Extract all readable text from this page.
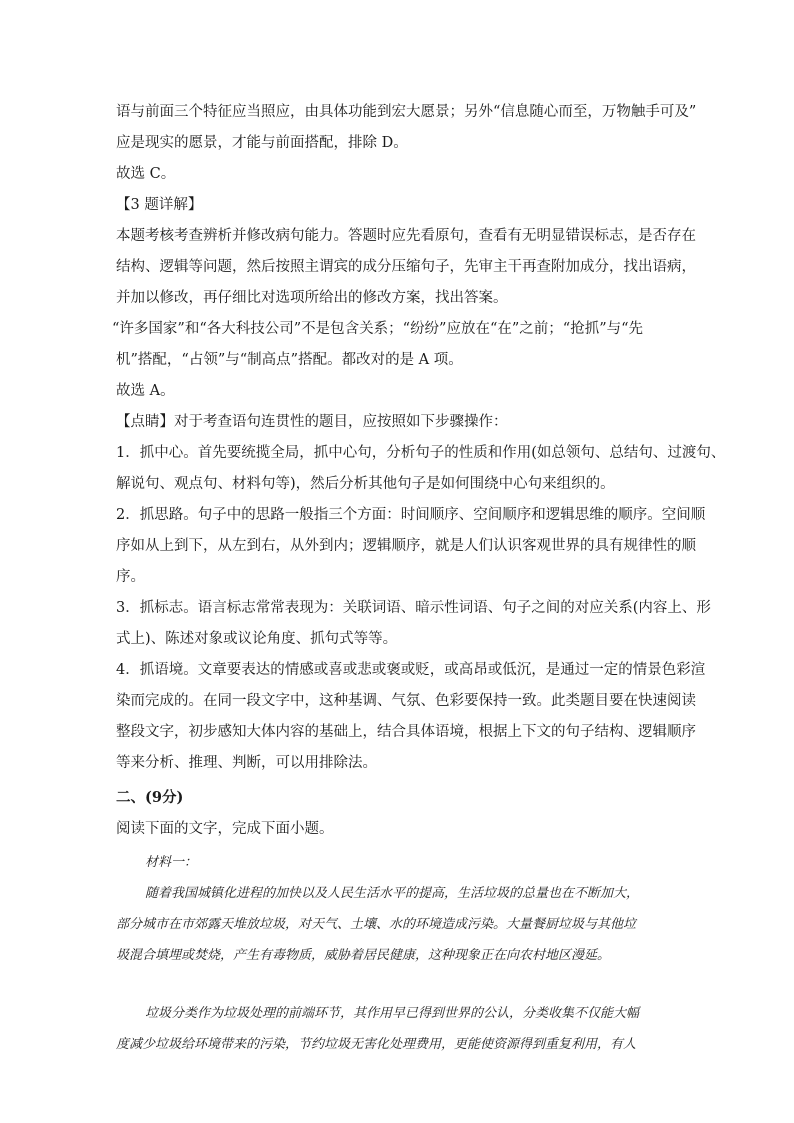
语与前面三个特征应当照应，由具体功能到宏大愿景；另外“信息随心而至，万物触手可及”
应是现实的愿景，才能与前面搭配，排除 D。
故选 C。
【3 题详解】
本题考核考查辨析并修改病句能力。答题时应先看原句，查看有无明显错误标志，是否存在
结构、逻辑等问题，然后按照主谓宾的成分压缩句子，先审主干再查附加成分，找出语病，
并加以修改，再仔细比对选项所给出的修改方案，找出答案。
“许多国家”和“各大科技公司”不是包含关系；“纷纷”应放在“在”之前；“抢抓”与“先
机”搭配，“占领”与“制高点”搭配。都改对的是 A 项。
故选 A。
【点睛】对于考查语句连贯性的题目，应按照如下步骤操作：
1．抓中心。首先要统揽全局，抓中心句，分析句子的性质和作用(如总领句、总结句、过渡句、
解说句、观点句、材料句等)，然后分析其他句子是如何围绕中心句来组织的。
2．抓思路。句子中的思路一般指三个方面：时间顺序、空间顺序和逻辑思维的顺序。空间顺
序如从上到下，从左到右，从外到内；逻辑顺序，就是人们认识客观世界的具有规律性的顺
序。
3．抓标志。语言标志常常表现为：关联词语、暗示性词语、句子之间的对应关系(内容上、形
式上)、陈述对象或议论角度、抓句式等等。
4．抓语境。文章要表达的情感或喜或悲或褒或贬，或高昂或低沉，是通过一定的情景色彩渲
染而完成的。在同一段文字中，这种基调、气氛、色彩要保持一致。此类题目要在快速阅读
整段文字，初步感知大体内容的基础上，结合具体语境，根据上下文的句子结构、逻辑顺序
等来分析、推理、判断，可以用排除法。
二、(9分)
阅读下面的文字，完成下面小题。
材料一：
随着我国城镇化进程的加快以及人民生活水平的提高，生活垃圾的总量也在不断加大，
部分城市在市郊露天堆放垃圾，对天气、土壤、水的环境造成污染。大量餐厨垃圾与其他垃
圾混合填埋或焚烧，产生有毒物质，威胁着居民健康，这种现象正在向农村地区漫延。
垃圾分类作为垃圾处理的前端环节，其作用早已得到世界的公认，分类收集不仅能大幅
度减少垃圾给环境带来的污染，节约垃圾无害化处理费用，更能使资源得到重复利用，有人
